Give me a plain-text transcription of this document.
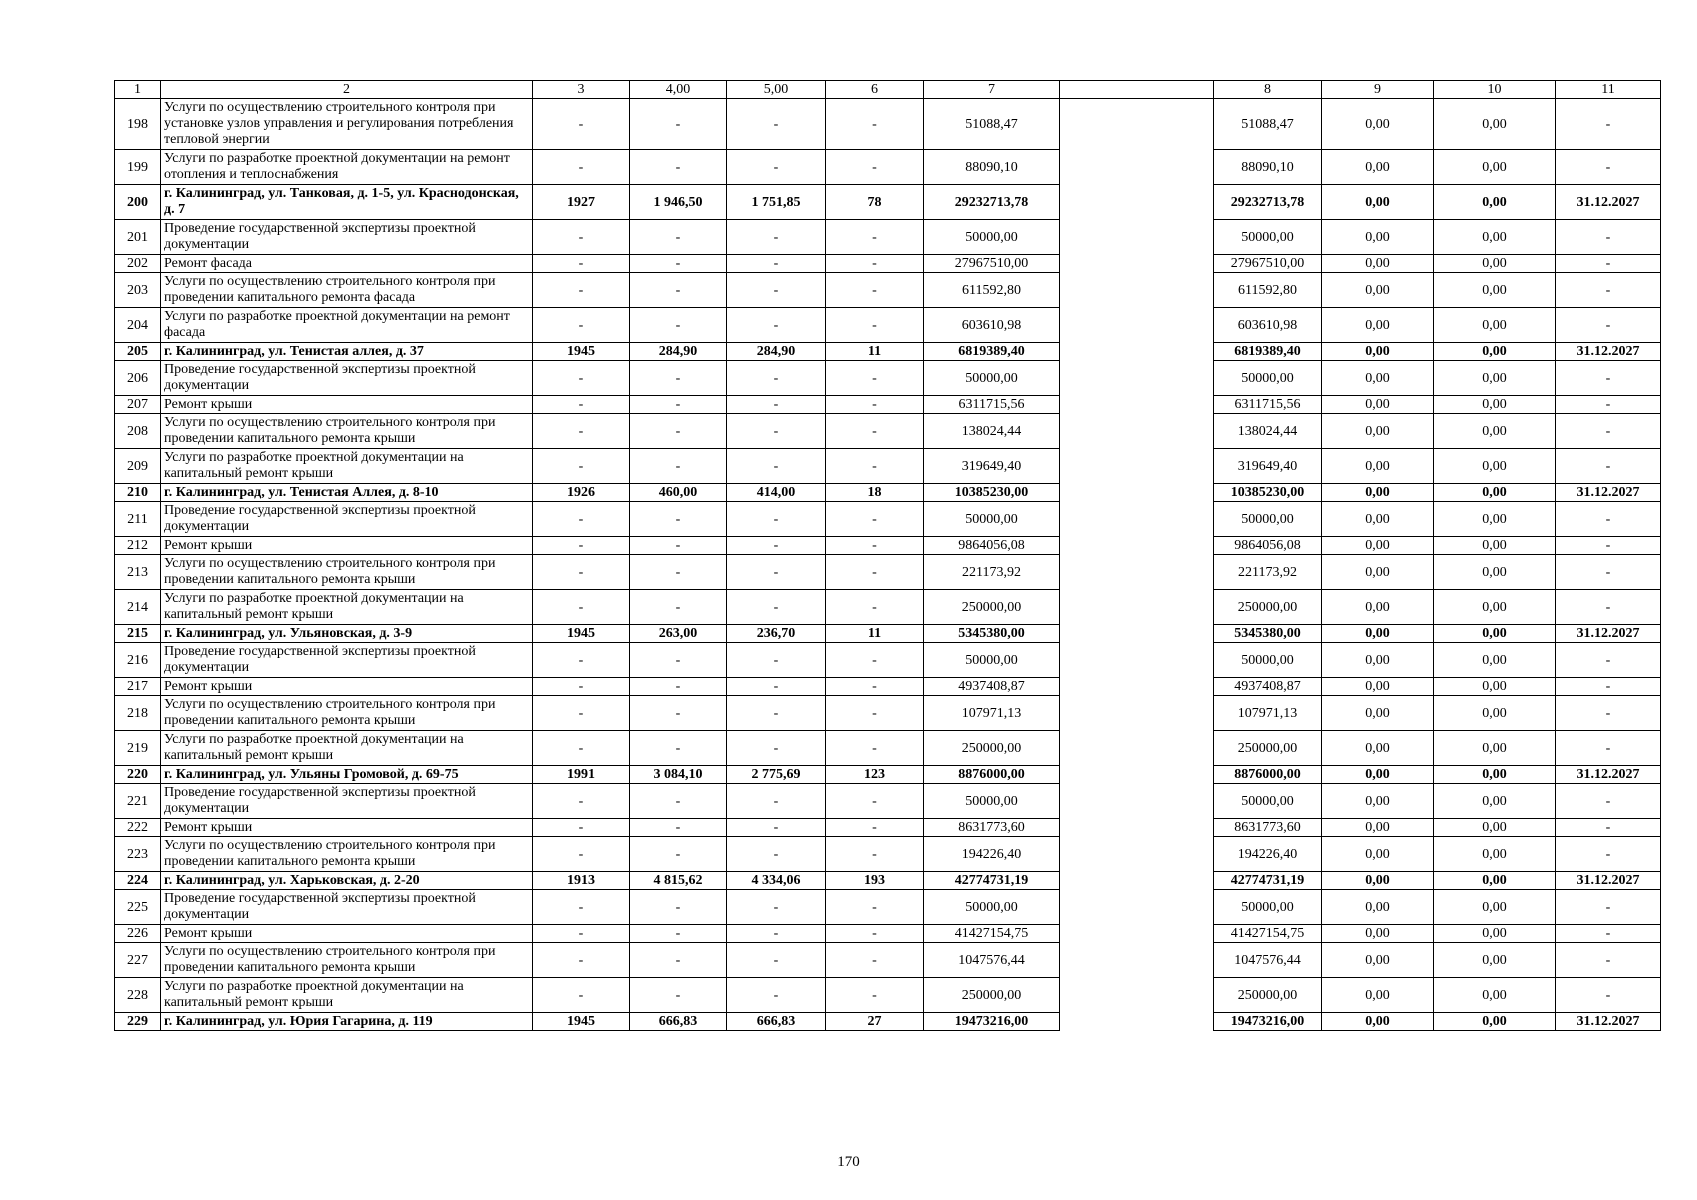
1	2	3	4,00	5,00	6	7		8	9	10	11
198	Услуги по осуществлению строительного контроля при установке узлов управления и регулирования потребления тепловой энергии	-	-	-	-	51088,47		51088,47	0,00	0,00	-
199	Услуги по разработке проектной документации на ремонт отопления и теплоснабжения	-	-	-	-	88090,10		88090,10	0,00	0,00	-
200	г. Калининград, ул. Танковая, д. 1-5, ул. Краснодонская, д. 7	1927	1 946,50	1 751,85	78	29232713,78		29232713,78	0,00	0,00	31.12.2027
201	Проведение государственной экспертизы проектной документации	-	-	-	-	50000,00		50000,00	0,00	0,00	-
202	Ремонт фасада	-	-	-	-	27967510,00		27967510,00	0,00	0,00	-
203	Услуги по осуществлению строительного контроля при проведении капитального ремонта фасада	-	-	-	-	611592,80		611592,80	0,00	0,00	-
204	Услуги по разработке проектной документации на ремонт фасада	-	-	-	-	603610,98		603610,98	0,00	0,00	-
205	г. Калининград, ул. Тенистая аллея, д. 37	1945	284,90	284,90	11	6819389,40		6819389,40	0,00	0,00	31.12.2027
206	Проведение государственной экспертизы проектной документации	-	-	-	-	50000,00		50000,00	0,00	0,00	-
207	Ремонт крыши	-	-	-	-	6311715,56		6311715,56	0,00	0,00	-
208	Услуги по осуществлению строительного контроля при проведении капитального ремонта крыши	-	-	-	-	138024,44		138024,44	0,00	0,00	-
209	Услуги по разработке проектной документации на капитальный ремонт крыши	-	-	-	-	319649,40		319649,40	0,00	0,00	-
210	г. Калининград, ул. Тенистая Аллея, д. 8-10	1926	460,00	414,00	18	10385230,00		10385230,00	0,00	0,00	31.12.2027
211	Проведение государственной экспертизы проектной документации	-	-	-	-	50000,00		50000,00	0,00	0,00	-
212	Ремонт крыши	-	-	-	-	9864056,08		9864056,08	0,00	0,00	-
213	Услуги по осуществлению строительного контроля при проведении капитального ремонта крыши	-	-	-	-	221173,92		221173,92	0,00	0,00	-
214	Услуги по разработке проектной документации на капитальный ремонт крыши	-	-	-	-	250000,00		250000,00	0,00	0,00	-
215	г. Калининград, ул. Ульяновская, д. 3-9	1945	263,00	236,70	11	5345380,00		5345380,00	0,00	0,00	31.12.2027
216	Проведение государственной экспертизы проектной документации	-	-	-	-	50000,00		50000,00	0,00	0,00	-
217	Ремонт крыши	-	-	-	-	4937408,87		4937408,87	0,00	0,00	-
218	Услуги по осуществлению строительного контроля при проведении капитального ремонта крыши	-	-	-	-	107971,13		107971,13	0,00	0,00	-
219	Услуги по разработке проектной документации на капитальный ремонт крыши	-	-	-	-	250000,00		250000,00	0,00	0,00	-
220	г. Калининград, ул. Ульяны Громовой, д. 69-75	1991	3 084,10	2 775,69	123	8876000,00		8876000,00	0,00	0,00	31.12.2027
221	Проведение государственной экспертизы проектной документации	-	-	-	-	50000,00		50000,00	0,00	0,00	-
222	Ремонт крыши	-	-	-	-	8631773,60		8631773,60	0,00	0,00	-
223	Услуги по осуществлению строительного контроля при проведении капитального ремонта крыши	-	-	-	-	194226,40		194226,40	0,00	0,00	-
224	г. Калининград, ул. Харьковская, д. 2-20	1913	4 815,62	4 334,06	193	42774731,19		42774731,19	0,00	0,00	31.12.2027
225	Проведение государственной экспертизы проектной документации	-	-	-	-	50000,00		50000,00	0,00	0,00	-
226	Ремонт крыши	-	-	-	-	41427154,75		41427154,75	0,00	0,00	-
227	Услуги по осуществлению строительного контроля при проведении капитального ремонта крыши	-	-	-	-	1047576,44		1047576,44	0,00	0,00	-
228	Услуги по разработке проектной документации на капитальный ремонт крыши	-	-	-	-	250000,00		250000,00	0,00	0,00	-
229	г. Калининград, ул. Юрия Гагарина, д. 119	1945	666,83	666,83	27	19473216,00		19473216,00	0,00	0,00	31.12.2027
170
